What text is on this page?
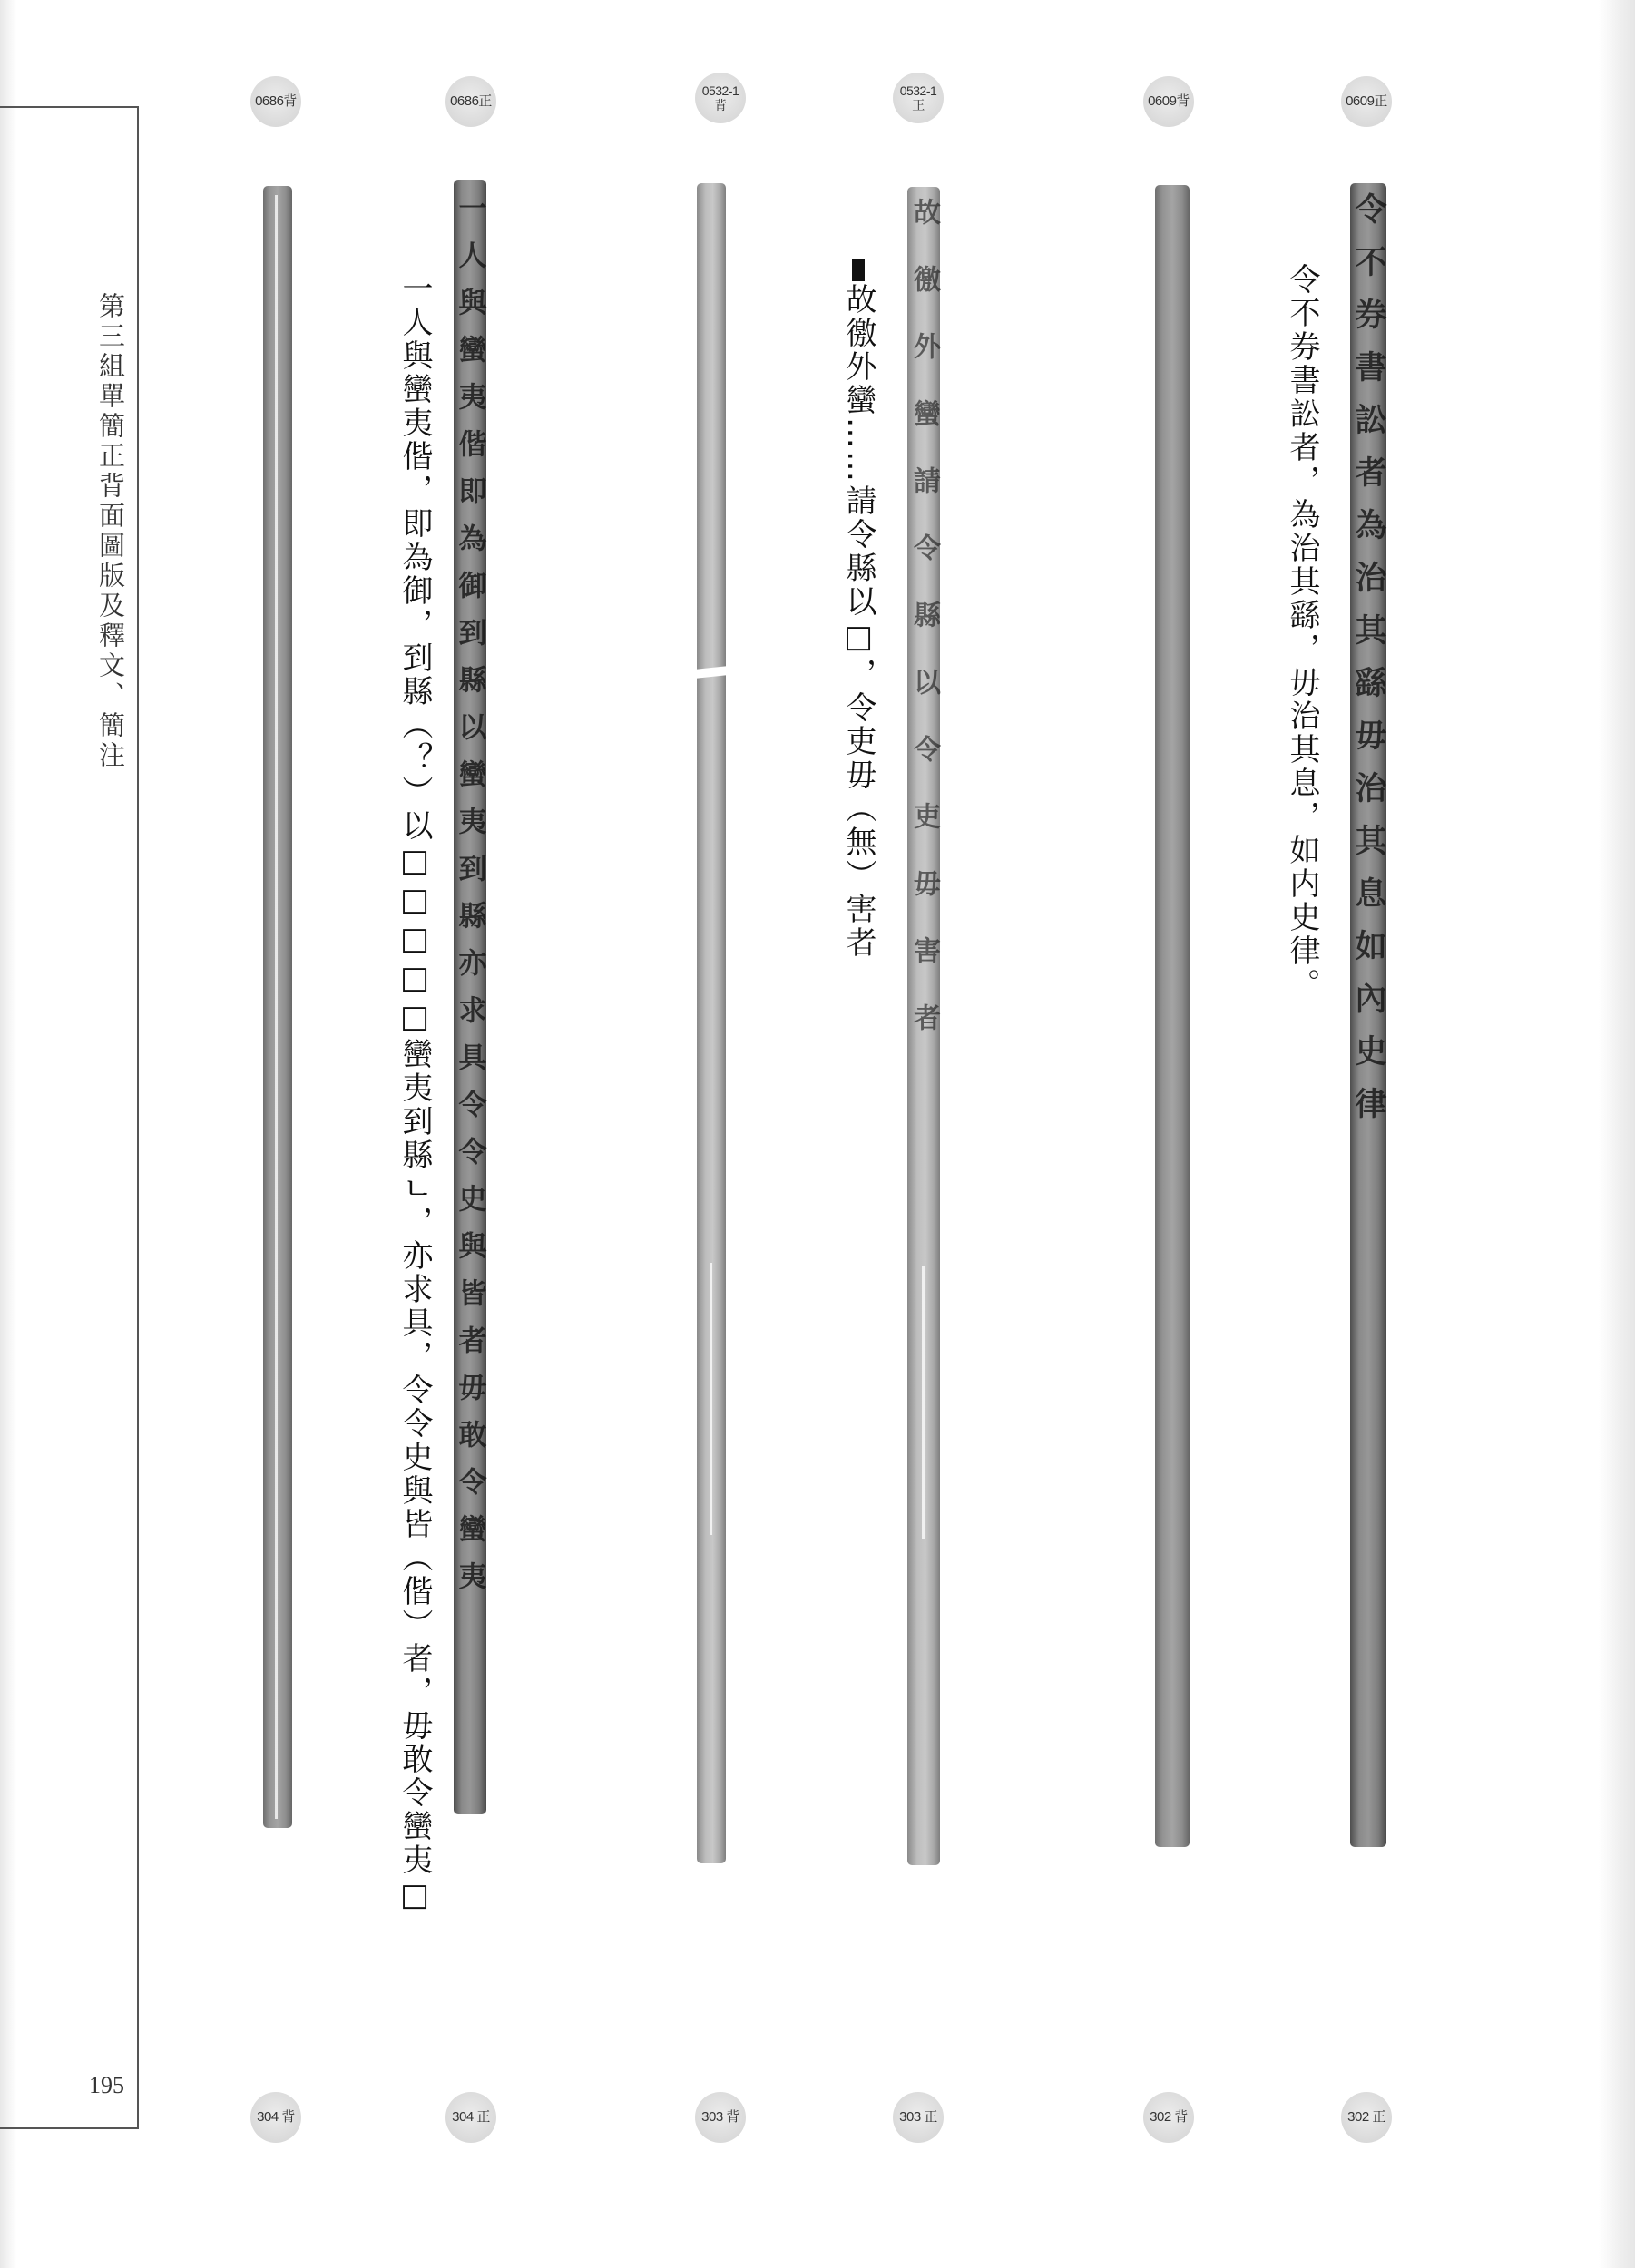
第三組單簡正背面圖版及釋文、簡注
195
0686背	0686正
0532-1 背
0532-1 正	0609背	0609正
一人與蠻夷偕即為御到縣以蠻夷到縣亦求具令令史與皆者毋敢令蠻夷	故徼外蠻請令縣以令吏毋害者	令不券書訟者為治其繇毋治其息如內史律
一人與蠻夷偕，即為御，到縣（？）以□□□□□蠻夷到縣ㄴ，亦求具，令令史與皆（偕）者，毋敢令蠻夷□	故徼外蠻……請令縣以□，令吏毋（無）害者	令不券書訟者，為治其繇，毋治其息，如内史律。
304 背	304 正	303 背	303 正	302 背	302 正
